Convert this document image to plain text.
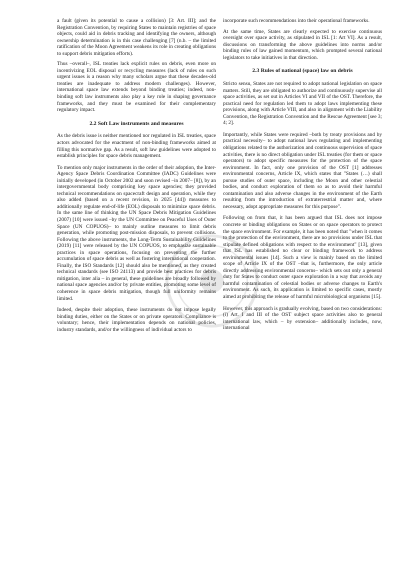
a fault (given its potential to cause a collision) [3: Art. III]; and the Registration Convention, by requiring States to maintain registries of space objects, could aid in debris tracking and identifying the owners, although ownership determination is in this case challenging [7] (n.b. – the limited ratification of the Moon Agreement weakens its role in creating obligations to support debris mitigation efforts).

Thus –overall–, ISL treaties lack explicit rules on debris, even more on incentivizing EOL disposal or recycling measures (lack of rules on such urgent issues is a reason why many scholars argue that these decades-old treaties are inadequate to address modern challenges). However, international space law extends beyond binding treaties; indeed, non-binding soft law instruments also play a key role in shaping governance frameworks, and they must be examined for their complementary regulatory impact.

2.2 Soft Law instruments and measures

As the debris issue is neither mentioned nor regulated in ISL treaties, space actors advocated for the enactment of non-binding frameworks aimed at filling this normative gap. As a result, soft law guidelines were adopted to establish principles for space debris management.

To mention only major instruments in the order of their adoption, the Inter-Agency Space Debris Coordination Committee (IADC) Guidelines were initially developed (in October 2002 and soon revised –in 2007– [8]), by an intergovernmental body comprising key space agencies; they provided technical recommendations on spacecraft design and operation, while they also added (based on a recent revision, in 2025 [44]) measures to additionally regulate end-of-life (EOL) disposals to minimize space debris. In the same line of thinking the UN Space Debris Mitigation Guidelines (2007) [10] were issued –by the UN Committee on Peaceful Uses of Outer Space (UN COPUOS)– to mainly outline measures to limit debris generation, while promoting post-mission disposals, to prevent collisions. Following the above instruments, the Long-Term Sustainability Guidelines (2019) [11] were released by the UN COPUOS, to emphasize sustainable practices in space operations, focusing on preventing the further accumulation of space debris as well as fostering international cooperation. Finally, the ISO Standards [12] should also be mentioned, as they created technical standards (see ISO 24113) and provide best practices for debris mitigation, inter alia – in general, these guidelines are broadly followed by national space agencies and/or by private entities, promoting some level of coherence in space debris mitigation, though full uniformity remains limited.

Indeed, despite their adoption, these instruments do not impose legally binding duties, either on the States or on private operators. Compliance is voluntary; hence, their implementation depends on national policies, industry standards, and/or the willingness of individual actors to

incorporate such recommendations into their operational frameworks.

At the same time, States are clearly expected to exercise continuous oversight over space activity, as stipulated in ISL [1: Art VI]. As a result, discussions on transforming the above guidelines into norms and/or binding rules of law gained momentum, which prompted several national legislators to take initiatives in that direction.

2.3 Rules of national (space) law on debris

Stricto sensu, States are not required to adopt national legislation on space matters. Still, they are obligated to authorize and continuously supervise all space activities, as set out in Articles VI and VII of the OST. Therefore, the practical need for regulation led them to adopt laws implementing these provisions, along with Article VIII, and also in alignment with the Liability Convention, the Registration Convention and the Rescue Agreement [see 3; 4; 2].

Importantly, while States were required –both by treaty provisions and by practical necessity– to adopt national laws regulating and implementing obligations related to the authorization and continuous supervision of space activities, there is no direct obligation under ISL treaties (for them or space operators) to adopt specific measures for the protection of the space environment. In fact, only one provision of the OST [1] addresses environmental concerns, Article IX, which states that "States (…) shall pursue studies of outer space, including the Moon and other celestial bodies, and conduct exploration of them so as to avoid their harmful contamination and also adverse changes in the environment of the Earth resulting from the introduction of extraterrestrial matter and, where necessary, adopt appropriate measures for this purpose".

Following on from that, it has been argued that ISL does not impose concrete or binding obligations on States or on space operators to protect the space environment. For example, it has been noted that "when it comes to the protection of the environment, there are no provisions under ISL that stipulate defined obligations with respect to the environment" [13], given that ISL has established no clear or binding framework to address environmental issues [14]. Such a view is mainly based on the limited scope of Article IX of the OST –that is, furthermore, the only article directly addressing environmental concerns– which sets out only a general duty for States to conduct outer space exploration in a way that avoids any harmful contamination of celestial bodies or adverse changes to Earth's environment. As such, its application is limited to specific cases, mostly aimed at prohibiting the release of harmful microbiological organisms [15].

However, this approach is gradually evolving, based on two considerations: (i) Art. I and III of the OST subject space activities also to general international law, which – by extension– additionally includes, now, international
